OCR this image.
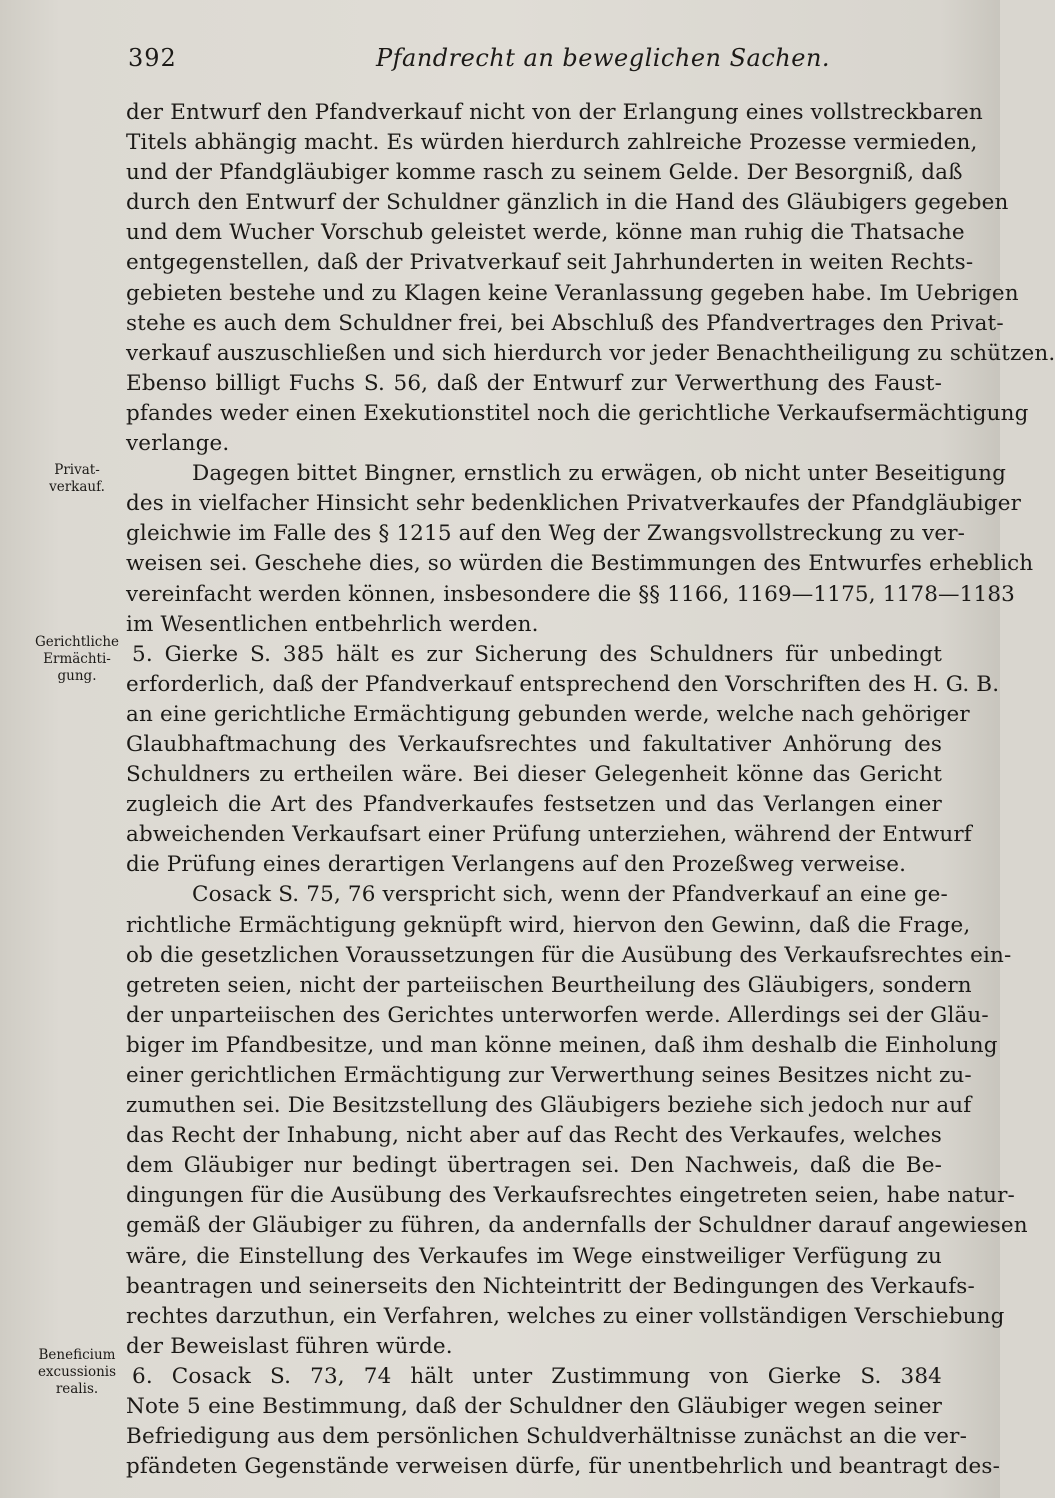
392	Pfandrecht an beweglichen Sachen.
Privat-
verkauf.
Gerichtliche
Ermächti-
gung.
Beneficium
excussionis
realis.
der Entwurf den Pfandverkauf nicht von der Erlangung eines vollstreckbaren
Titels abhängig macht. Es würden hierdurch zahlreiche Prozesse vermieden,
und der Pfandgläubiger komme rasch zu seinem Gelde. Der Besorgniß, daß
durch den Entwurf der Schuldner gänzlich in die Hand des Gläubigers gegeben
und dem Wucher Vorschub geleistet werde, könne man ruhig die Thatsache
entgegenstellen, daß der Privatverkauf seit Jahrhunderten in weiten Rechts-
gebieten bestehe und zu Klagen keine Veranlassung gegeben habe. Im Uebrigen
stehe es auch dem Schuldner frei, bei Abschluß des Pfandvertrages den Privat-
verkauf auszuschließen und sich hierdurch vor jeder Benachtheiligung zu schützen.
Ebenso billigt Fuchs S. 56, daß der Entwurf zur Verwerthung des Faust-
pfandes weder einen Exekutionstitel noch die gerichtliche Verkaufsermächtigung
verlange.
Dagegen bittet Bingner, ernstlich zu erwägen, ob nicht unter Beseitigung
des in vielfacher Hinsicht sehr bedenklichen Privatverkaufes der Pfandgläubiger
gleichwie im Falle des § 1215 auf den Weg der Zwangsvollstreckung zu ver-
weisen sei. Geschehe dies, so würden die Bestimmungen des Entwurfes erheblich
vereinfacht werden können, insbesondere die §§ 1166, 1169—1175, 1178—1183
im Wesentlichen entbehrlich werden.
5. Gierke S. 385 hält es zur Sicherung des Schuldners für unbedingt
erforderlich, daß der Pfandverkauf entsprechend den Vorschriften des H. G. B.
an eine gerichtliche Ermächtigung gebunden werde, welche nach gehöriger
Glaubhaftmachung des Verkaufsrechtes und fakultativer Anhörung des
Schuldners zu ertheilen wäre. Bei dieser Gelegenheit könne das Gericht
zugleich die Art des Pfandverkaufes festsetzen und das Verlangen einer
abweichenden Verkaufsart einer Prüfung unterziehen, während der Entwurf
die Prüfung eines derartigen Verlangens auf den Prozeßweg verweise.
Cosack S. 75, 76 verspricht sich, wenn der Pfandverkauf an eine ge-
richtliche Ermächtigung geknüpft wird, hiervon den Gewinn, daß die Frage,
ob die gesetzlichen Voraussetzungen für die Ausübung des Verkaufsrechtes ein-
getreten seien, nicht der parteiischen Beurtheilung des Gläubigers, sondern
der unparteiischen des Gerichtes unterworfen werde. Allerdings sei der Gläu-
biger im Pfandbesitze, und man könne meinen, daß ihm deshalb die Einholung
einer gerichtlichen Ermächtigung zur Verwerthung seines Besitzes nicht zu-
zumuthen sei. Die Besitzstellung des Gläubigers beziehe sich jedoch nur auf
das Recht der Inhabung, nicht aber auf das Recht des Verkaufes, welches
dem Gläubiger nur bedingt übertragen sei. Den Nachweis, daß die Be-
dingungen für die Ausübung des Verkaufsrechtes eingetreten seien, habe natur-
gemäß der Gläubiger zu führen, da andernfalls der Schuldner darauf angewiesen
wäre, die Einstellung des Verkaufes im Wege einstweiliger Verfügung zu
beantragen und seinerseits den Nichteintritt der Bedingungen des Verkaufs-
rechtes darzuthun, ein Verfahren, welches zu einer vollständigen Verschiebung
der Beweislast führen würde.
6. Cosack S. 73, 74 hält unter Zustimmung von Gierke S. 384
Note 5 eine Bestimmung, daß der Schuldner den Gläubiger wegen seiner
Befriedigung aus dem persönlichen Schuldverhältnisse zunächst an die ver-
pfändeten Gegenstände verweisen dürfe, für unentbehrlich und beantragt des-
